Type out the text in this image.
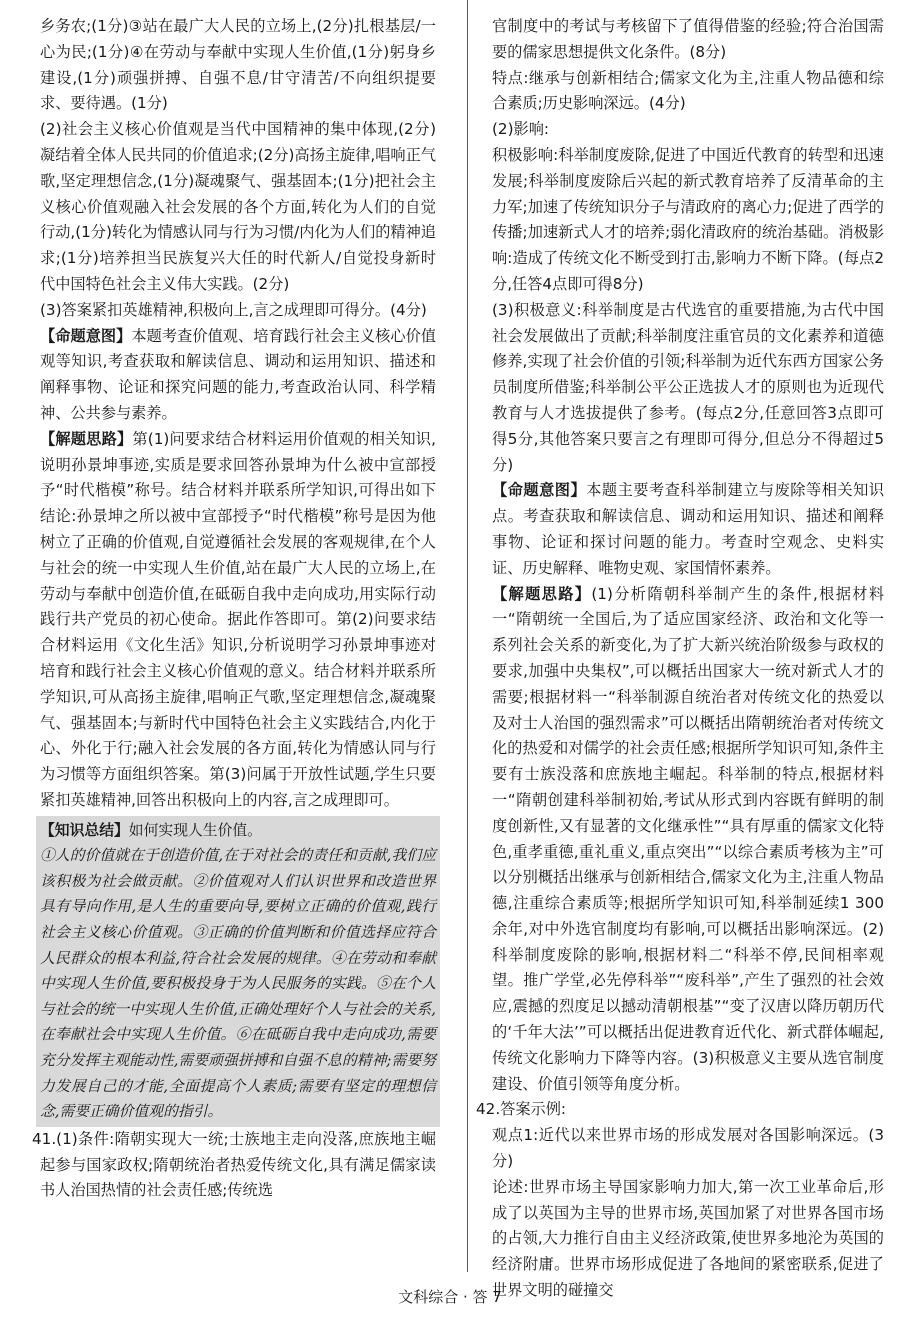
乡务农;(1分)③站在最广大人民的立场上,(2分)扎根基层/一心为民;(1分)④在劳动与奉献中实现人生价值,(1分)躬身乡建设,(1分)顽强拼搏、自强不息/甘守清苦/不向组织提要求、要待遇。(1分)

(2)社会主义核心价值观是当代中国精神的集中体现,(2分)凝结着全体人民共同的价值追求;(2分)高扬主旋律,唱响正气歌,坚定理想信念,(1分)凝魂聚气、强基固本;(1分)把社会主义核心价值观融入社会发展的各个方面,转化为人们的自觉行动,(1分)转化为情感认同与行为习惯/内化为人们的精神追求;(1分)培养担当民族复兴大任的时代新人/自觉投身新时代中国特色社会主义伟大实践。(2分)

(3)答案紧扣英雄精神,积极向上,言之成理即可得分。(4分)

【命题意图】本题考查价值观、培育践行社会主义核心价值观等知识,考查获取和解读信息、调动和运用知识、描述和阐释事物、论证和探究问题的能力,考查政治认同、科学精神、公共参与素养。

【解题思路】第(1)问要求结合材料运用价值观的相关知识,说明孙景坤事迹,实质是要求回答孙景坤为什么被中宣部授予“时代楷模”称号。结合材料并联系所学知识,可得出如下结论:孙景坤之所以被中宣部授予“时代楷模”称号是因为他树立了正确的价值观,自觉遵循社会发展的客观规律,在个人与社会的统一中实现人生价值,站在最广大人民的立场上,在劳动与奉献中创造价值,在砥砺自我中走向成功,用实际行动践行共产党员的初心使命。据此作答即可。第(2)问要求结合材料运用《文化生活》知识,分析说明学习孙景坤事迹对培育和践行社会主义核心价值观的意义。结合材料并联系所学知识,可从高扬主旋律,唱响正气歌,坚定理想信念,凝魂聚气、强基固本;与新时代中国特色社会主义实践结合,内化于心、外化于行;融入社会发展的各方面,转化为情感认同与行为习惯等方面组织答案。第(3)问属于开放性试题,学生只要紧扣英雄精神,回答出积极向上的内容,言之成理即可。

【知识总结】如何实现人生价值。

①人的价值就在于创造价值,在于对社会的责任和贡献,我们应该积极为社会做贡献。②价值观对人们认识世界和改造世界具有导向作用,是人生的重要向导,要树立正确的价值观,践行社会主义核心价值观。③正确的价值判断和价值选择应符合人民群众的根本利益,符合社会发展的规律。④在劳动和奉献中实现人生价值,要积极投身于为人民服务的实践。⑤在个人与社会的统一中实现人生价值,正确处理好个人与社会的关系,在奉献社会中实现人生价值。⑥在砥砺自我中走向成功,需要充分发挥主观能动性,需要顽强拼搏和自强不息的精神;需要努力发展自己的才能,全面提高个人素质;需要有坚定的理想信念,需要正确价值观的指引。

41.(1)条件:隋朝实现大一统;士族地主走向没落,庶族地主崛起参与国家政权;隋朝统治者热爱传统文化,具有满足儒家读书人治国热情的社会责任感;传统选

官制度中的考试与考核留下了值得借鉴的经验;符合治国需要的儒家思想提供文化条件。(8分)

特点:继承与创新相结合;儒家文化为主,注重人物品德和综合素质;历史影响深远。(4分)

(2)影响:

积极影响:科举制度废除,促进了中国近代教育的转型和迅速发展;科举制度废除后兴起的新式教育培养了反清革命的主力军;加速了传统知识分子与清政府的离心力;促进了西学的传播;加速新式人才的培养;弱化清政府的统治基础。消极影响:造成了传统文化不断受到打击,影响力不断下降。(每点2分,任答4点即可得8分)

(3)积极意义:科举制度是古代选官的重要措施,为古代中国社会发展做出了贡献;科举制度注重官员的文化素养和道德修养,实现了社会价值的引领;科举制为近代东西方国家公务员制度所借鉴;科举制公平公正选拔人才的原则也为近现代教育与人才选拔提供了参考。(每点2分,任意回答3点即可得5分,其他答案只要言之有理即可得分,但总分不得超过5分)

【命题意图】本题主要考查科举制建立与废除等相关知识点。考查获取和解读信息、调动和运用知识、描述和阐释事物、论证和探讨问题的能力。考查时空观念、史料实证、历史解释、唯物史观、家国情怀素养。

【解题思路】(1)分析隋朝科举制产生的条件,根据材料一“隋朝统一全国后,为了适应国家经济、政治和文化等一系列社会关系的新变化,为了扩大新兴统治阶级参与政权的要求,加强中央集权”,可以概括出国家大一统对新式人才的需要;根据材料一“科举制源自统治者对传统文化的热爱以及对士人治国的强烈需求”可以概括出隋朝统治者对传统文化的热爱和对儒学的社会责任感;根据所学知识可知,条件主要有士族没落和庶族地主崛起。科举制的特点,根据材料一“隋朝创建科举制初始,考试从形式到内容既有鲜明的制度创新性,又有显著的文化继承性”“具有厚重的儒家文化特色,重孝重德,重礼重义,重点突出”“以综合素质考核为主”可以分别概括出继承与创新相结合,儒家文化为主,注重人物品德,注重综合素质等;根据所学知识可知,科举制延续1 300余年,对中外选官制度均有影响,可以概括出影响深远。(2)科举制度废除的影响,根据材料二“科举不停,民间相率观望。推广学堂,必先停科举”“废科举”,产生了强烈的社会效应,震撼的烈度足以撼动清朝根基”“变了汉唐以降历朝历代的‘千年大法’”可以概括出促进教育近代化、新式群体崛起,传统文化影响力下降等内容。(3)积极意义主要从选官制度建设、价值引领等角度分析。

42.答案示例:

观点1:近代以来世界市场的形成发展对各国影响深远。(3分)

论述:世界市场主导国家影响力加大,第一次工业革命后,形成了以英国为主导的世界市场,英国加紧了对世界各国市场的占领,大力推行自由主义经济政策,使世界多地沦为英国的经济附庸。世界市场形成促进了各地间的紧密联系,促进了世界文明的碰撞交

文科综合 · 答 7
